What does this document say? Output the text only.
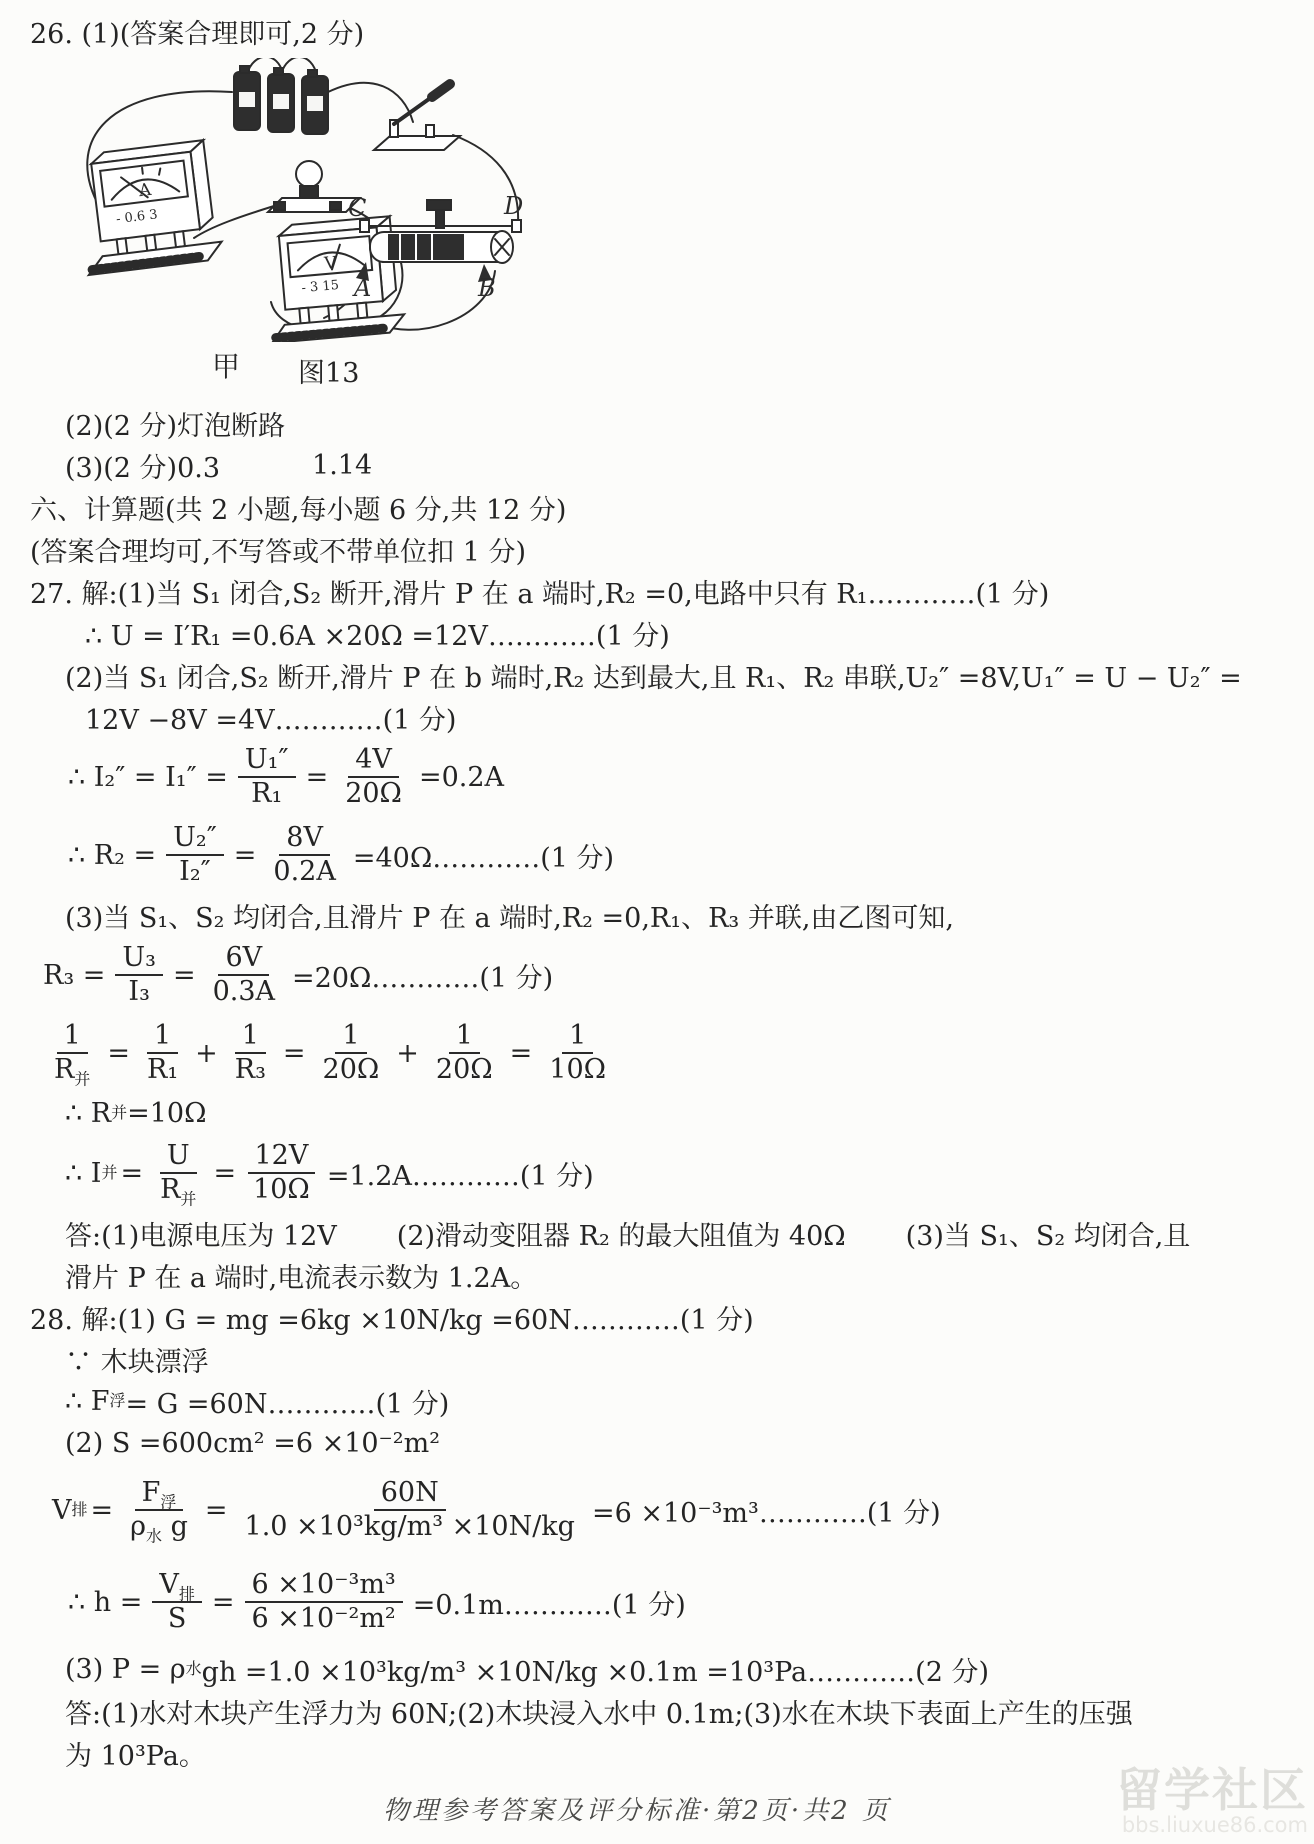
26. (1)(答案合理即可,2 分)
A
- 0.6 3
V
- 3 15
C	D
A	B
甲 图13
(2)(2 分)灯泡断路
(3)(2 分)0.3	1.14
六、计算题(共 2 小题,每小题 6 分,共 12 分)
(答案合理均可,不写答或不带单位扣 1 分)
27. 解:(1)当 S₁ 闭合,S₂ 断开,滑片 P 在 a 端时,R₂ =0,电路中只有 R₁…………(1 分)
∴ U = I′R₁ =0.6A ×20Ω =12V…………(1 分)
(2)当 S₁ 闭合,S₂ 断开,滑片 P 在 b 端时,R₂ 达到最大,且 R₁、R₂ 串联,U₂″ =8V,U₁″ = U − U₂″ =
12V −8V =4V…………(1 分)
∴ $I_2'' = I_1'' = \frac{\text{U₁″}}{\text{R₁}} = \frac{4V}{20\Omega} =0.2A$
∴ $R_2 = \frac{\text{U₂″}}{\text{I₂″}} = \frac{8V}{0.2A}$ =40Ω…………(1 分)
(3)当 S₁、S₂ 均闭合,且滑片 P 在 a 端时,R₂ =0,R₁、R₃ 并联,由乙图可知,
$R_3 = \frac{\text{U₃}}{\text{I₃}} = \frac{6V}{0.3A}$ =20Ω…………(1 分)
1
$R_并$
= $\frac{1}{\text{R₁}} + \frac{1}{\text{R₃}} = \frac{1}{20\Omega} + \frac{1}{20\Omega} = \frac{1}{10\Omega}$
∴ R 并 =10Ω
∴ I 并 =
U
$R_并$
= $\frac{12V}{10\Omega}$ =1.2A…………(1 分)
答:(1)电源电压为 12V (2)滑动变阻器 R₂ 的最大阻值为 40Ω (3)当 S₁、S₂ 均闭合,且
滑片 P 在 a 端时,电流表示数为 1.2A。
28. 解:(1) G = mg =6kg ×10N/kg =60N…………(1 分)
∵ 木块漂浮
∴ F 浮 = G =60N…………(1 分)
(2) S =600cm² =6 ×10⁻²m²
V 排 =
$F_浮$
$\rho_水$ g
= $\frac{60N}{\text{1.0 ×10³kg/m³ ×10N/kg}} =6$ ×10⁻³m³…………(1 分)
∴ h =
$V_排$
S
= $\frac{\text{6 ×10⁻³m³}}{\text{6 ×10⁻²m²}}$ =0.1m…………(1 分)
(3) P = ρ 水 gh =1.0 ×10³kg/m³ ×10N/kg ×0.1m =10³Pa…………(2 分)
答:(1)水对木块产生浮力为 60N;(2)木块浸入水中 0.1m;(3)水在木块下表面上产生的压强
为 10³Pa。
物理参考答案及评分标准·第2页·共2 页	留学社区
bbs.liuxue86.com
